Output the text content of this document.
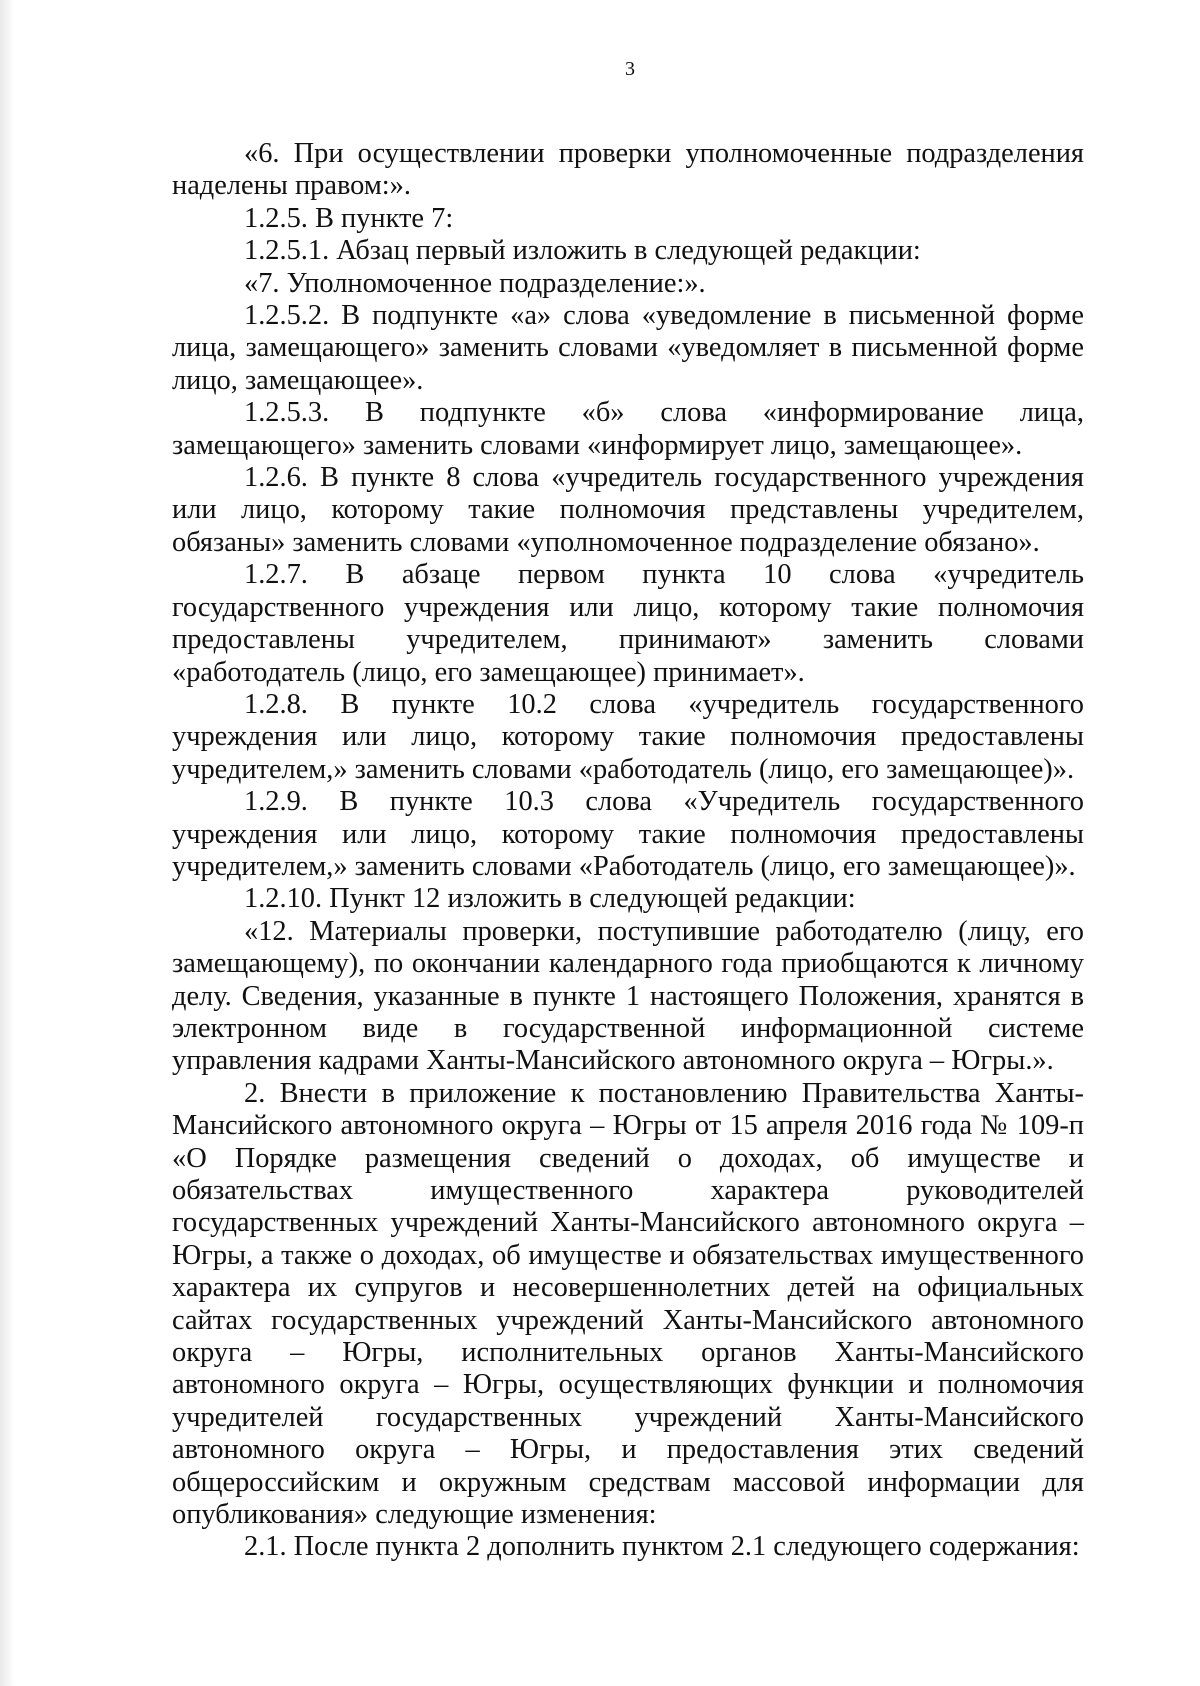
3

«6. При осуществлении проверки уполномоченные подразделения наделены правом:».

1.2.5. В пункте 7:

1.2.5.1. Абзац первый изложить в следующей редакции:

«7. Уполномоченное подразделение:».

1.2.5.2. В подпункте «а» слова «уведомление в письменной форме лица, замещающего» заменить словами «уведомляет в письменной форме лицо, замещающее».

1.2.5.3. В подпункте «б» слова «информирование лица, замещающего» заменить словами «информирует лицо, замещающее».

1.2.6. В пункте 8 слова «учредитель государственного учреждения или лицо, которому такие полномочия представлены учредителем, обязаны» заменить словами «уполномоченное подразделение обязано».

1.2.7. В абзаце первом пункта 10 слова «учредитель государственного учреждения или лицо, которому такие полномочия предоставлены учредителем, принимают» заменить словами «работодатель (лицо, его замещающее) принимает».

1.2.8. В пункте 10.2 слова «учредитель государственного учреждения или лицо, которому такие полномочия предоставлены учредителем,» заменить словами «работодатель (лицо, его замещающее)».

1.2.9. В пункте 10.3 слова «Учредитель государственного учреждения или лицо, которому такие полномочия предоставлены учредителем,» заменить словами «Работодатель (лицо, его замещающее)».

1.2.10. Пункт 12 изложить в следующей редакции:

«12. Материалы проверки, поступившие работодателю (лицу, его замещающему), по окончании календарного года приобщаются к личному делу. Сведения, указанные в пункте 1 настоящего Положения, хранятся в электронном виде в государственной информационной системе управления кадрами Ханты-Мансийского автономного округа – Югры.».

2. Внести в приложение к постановлению Правительства Ханты-Мансийского автономного округа – Югры от 15 апреля 2016 года № 109-п «О Порядке размещения сведений о доходах, об имуществе и обязательствах имущественного характера руководителей государственных учреждений Ханты-Мансийского автономного округа – Югры, а также о доходах, об имуществе и обязательствах имущественного характера их супругов и несовершеннолетних детей на официальных сайтах государственных учреждений Ханты-Мансийского автономного округа – Югры, исполнительных органов Ханты-Мансийского автономного округа – Югры, осуществляющих функции и полномочия учредителей государственных учреждений Ханты-Мансийского автономного округа – Югры, и предоставления этих сведений общероссийским и окружным средствам массовой информации для опубликования» следующие изменения:

2.1. После пункта 2 дополнить пунктом 2.1 следующего содержания:
